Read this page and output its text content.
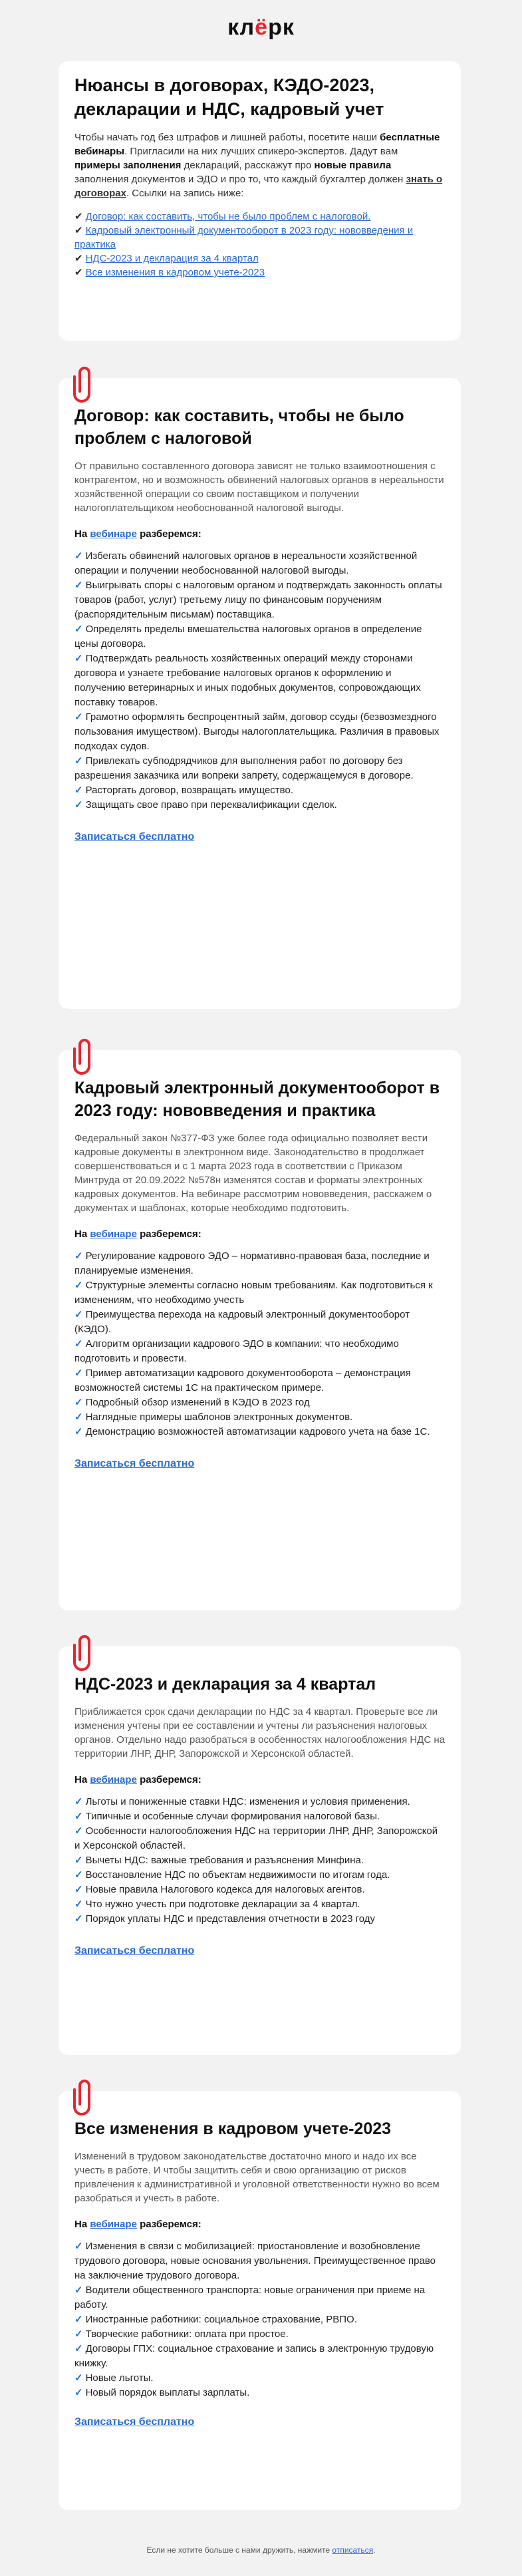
клёрк
Нюансы в договорах, КЭДО-2023, декларации и НДС, кадровый учет

Чтобы начать год без штрафов и лишней работы, посетите наши бесплатные вебинары. Пригласили на них лучших спикеро-экспертов. Дадут вам примеры заполнения деклараций, расскажут про новые правила заполнения документов и ЭДО и про то, что каждый бухгалтер должен знать о договорах. Ссылки на запись ниже:

✔ Договор: как составить, чтобы не было проблем с налоговой.
✔ Кадровый электронный документооборот в 2023 году: нововведения и практика
✔ НДС-2023 и декларация за 4 квартал
✔ Все изменения в кадровом учете-2023
Договор: как составить, чтобы не было проблем с налоговой

От правильно составленного договора зависят не только взаимоотношения с контрагентом, но и возможность обвинений налоговых органов в нереальности хозяйственной операции со своим поставщиком и получении налогоплательщиком необоснованной налоговой выгоды.

На вебинаре разберемся:

✓ Избегать обвинений налоговых органов в нереальности хозяйственной операции и получении необоснованной налоговой выгоды.
✓ Выигрывать споры с налоговым органом и подтверждать законность оплаты товаров (работ, услуг) третьему лицу по финансовым поручениям (распорядительным письмам) поставщика.
✓ Определять пределы вмешательства налоговых органов в определение цены договора.
✓ Подтверждать реальность хозяйственных операций между сторонами договора и узнаете требование налоговых органов к оформлению и получению ветеринарных и иных подобных документов, сопровождающих поставку товаров.
✓ Грамотно оформлять беспроцентный займ, договор ссуды (безвозмездного пользования имуществом). Выгоды налогоплательщика. Различия в правовых подходах судов.
✓ Привлекать субподрядчиков для выполнения работ по договору без разрешения заказчика или вопреки запрету, содержащемуся в договоре.
✓ Расторгать договор, возвращать имущество.
✓ Защищать свое право при переквалификации сделок.
Записаться бесплатно
Кадровый электронный документооборот в 2023 году: нововведения и практика

Федеральный закон №377-ФЗ уже более года официально позволяет вести кадровые документы в электронном виде. Законодательство в продолжает совершенствоваться и с 1 марта 2023 года в соответствии с Приказом Минтруда от 20.09.2022 №578н изменятся состав и форматы электронных кадровых документов. На вебинаре рассмотрим нововведения, расскажем о документах и шаблонах, которые необходимо подготовить.

На вебинаре разберемся:

✓ Регулирование кадрового ЭДО – нормативно-правовая база, последние и планируемые изменения.
✓ Структурные элементы согласно новым требованиям. Как подготовиться к изменениям, что необходимо учесть
✓ Преимущества перехода на кадровый электронный документооборот (КЭДО).
✓ Алгоритм организации кадрового ЭДО в компании: что необходимо подготовить и провести.
✓ Пример автоматизации кадрового документооборота – демонстрация возможностей системы 1С на практическом примере.
✓ Подробный обзор изменений в КЭДО в 2023 год
✓ Наглядные примеры шаблонов электронных документов.
✓ Демонстрацию возможностей автоматизации кадрового учета на базе 1С.
Записаться бесплатно
НДС-2023 и декларация за 4 квартал

Приближается срок сдачи декларации по НДС за 4 квартал. Проверьте все ли изменения учтены при ее составлении и учтены ли разъяснения налоговых органов. Отдельно надо разобраться в особенностях налогообложения НДС на территории ЛНР, ДНР, Запорожской и Херсонской областей.

На вебинаре разберемся:

✓ Льготы и пониженные ставки НДС: изменения и условия применения.
✓ Типичные и особенные случаи формирования налоговой базы.
✓ Особенности налогообложения НДС на территории ЛНР, ДНР, Запорожской и Херсонской областей.
✓ Вычеты НДС: важные требования и разъяснения Минфина.
✓ Восстановление НДС по объектам недвижимости по итогам года.
✓ Новые правила Налогового кодекса для налоговых агентов.
✓ Что нужно учесть при подготовке декларации за 4 квартал.
✓ Порядок уплаты НДС и представления отчетности в 2023 году
Записаться бесплатно
Все изменения в кадровом учете-2023

Изменений в трудовом законодательстве достаточно много и надо их все учесть в работе. И чтобы защитить себя и свою организацию от рисков привлечения к административной и уголовной ответственности нужно во всем разобраться и учесть в работе.

На вебинаре разберемся:

✓ Изменения в связи с мобилизацией: приостановление и возобновление трудового договора, новые основания увольнения. Преимущественное право на заключение трудового договора.
✓ Водители общественного транспорта: новые ограничения при приеме на работу.
✓ Иностранные работники: социальное страхование, РВПО.
✓ Творческие работники: оплата при простое.
✓ Договоры ГПХ: социальное страхование и запись в электронную трудовую книжку.
✓ Новые льготы.
✓ Новый порядок выплаты зарплаты.
Записаться бесплатно
Если не хотите больше с нами дружить, нажмите отписаться.
